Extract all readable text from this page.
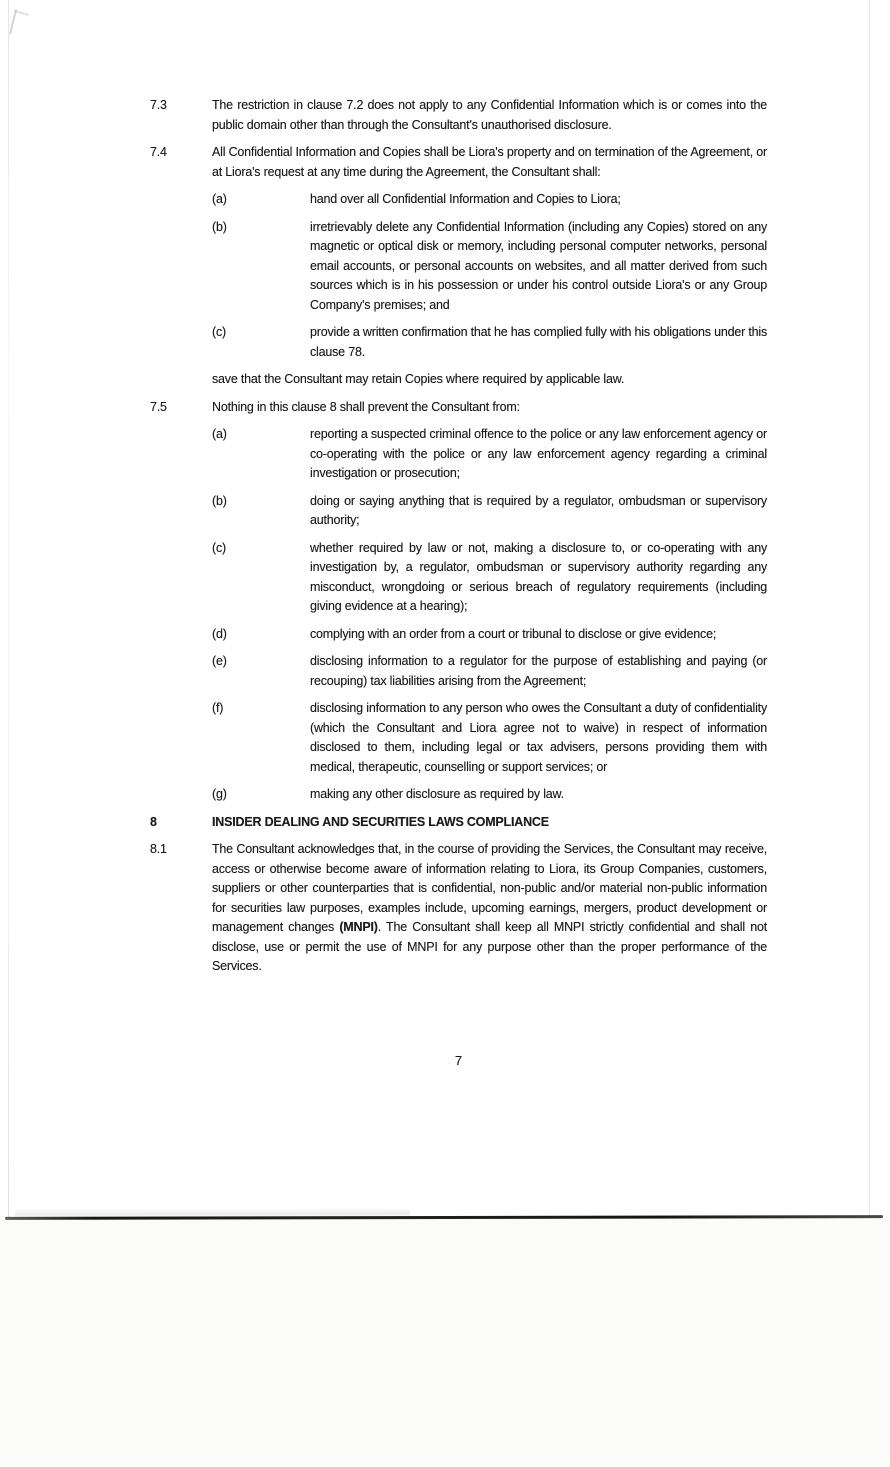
7.3	The restriction in clause 7.2 does not apply to any Confidential Information which is or comes into the public domain other than through the Consultant's unauthorised disclosure.

7.4	All Confidential Information and Copies shall be Liora's property and on termination of the Agreement, or at Liora's request at any time during the Agreement, the Consultant shall:

(a)	hand over all Confidential Information and Copies to Liora;

(b)	irretrievably delete any Confidential Information (including any Copies) stored on any magnetic or optical disk or memory, including personal computer networks, personal email accounts, or personal accounts on websites, and all matter derived from such sources which is in his possession or under his control outside Liora's or any Group Company's premises; and

(c)	provide a written confirmation that he has complied fully with his obligations under this clause 78.

save that the Consultant may retain Copies where required by applicable law.

7.5	Nothing in this clause 8 shall prevent the Consultant from:

(a)	reporting a suspected criminal offence to the police or any law enforcement agency or co-operating with the police or any law enforcement agency regarding a criminal investigation or prosecution;

(b)	doing or saying anything that is required by a regulator, ombudsman or supervisory authority;

(c)	whether required by law or not, making a disclosure to, or co-operating with any investigation by, a regulator, ombudsman or supervisory authority regarding any misconduct, wrongdoing or serious breach of regulatory requirements (including giving evidence at a hearing);

(d)	complying with an order from a court or tribunal to disclose or give evidence;

(e)	disclosing information to a regulator for the purpose of establishing and paying (or recouping) tax liabilities arising from the Agreement;

(f)	disclosing information to any person who owes the Consultant a duty of confidentiality (which the Consultant and Liora agree not to waive) in respect of information disclosed to them, including legal or tax advisers, persons providing them with medical, therapeutic, counselling or support services; or

(g)	making any other disclosure as required by law.

8	INSIDER DEALING AND SECURITIES LAWS COMPLIANCE

8.1	The Consultant acknowledges that, in the course of providing the Services, the Consultant may receive, access or otherwise become aware of information relating to Liora, its Group Companies, customers, suppliers or other counterparties that is confidential, non-public and/or material non-public information for securities law purposes, examples include, upcoming earnings, mergers, product development or management changes (MNPI). The Consultant shall keep all MNPI strictly confidential and shall not disclose, use or permit the use of MNPI for any purpose other than the proper performance of the Services.

7
